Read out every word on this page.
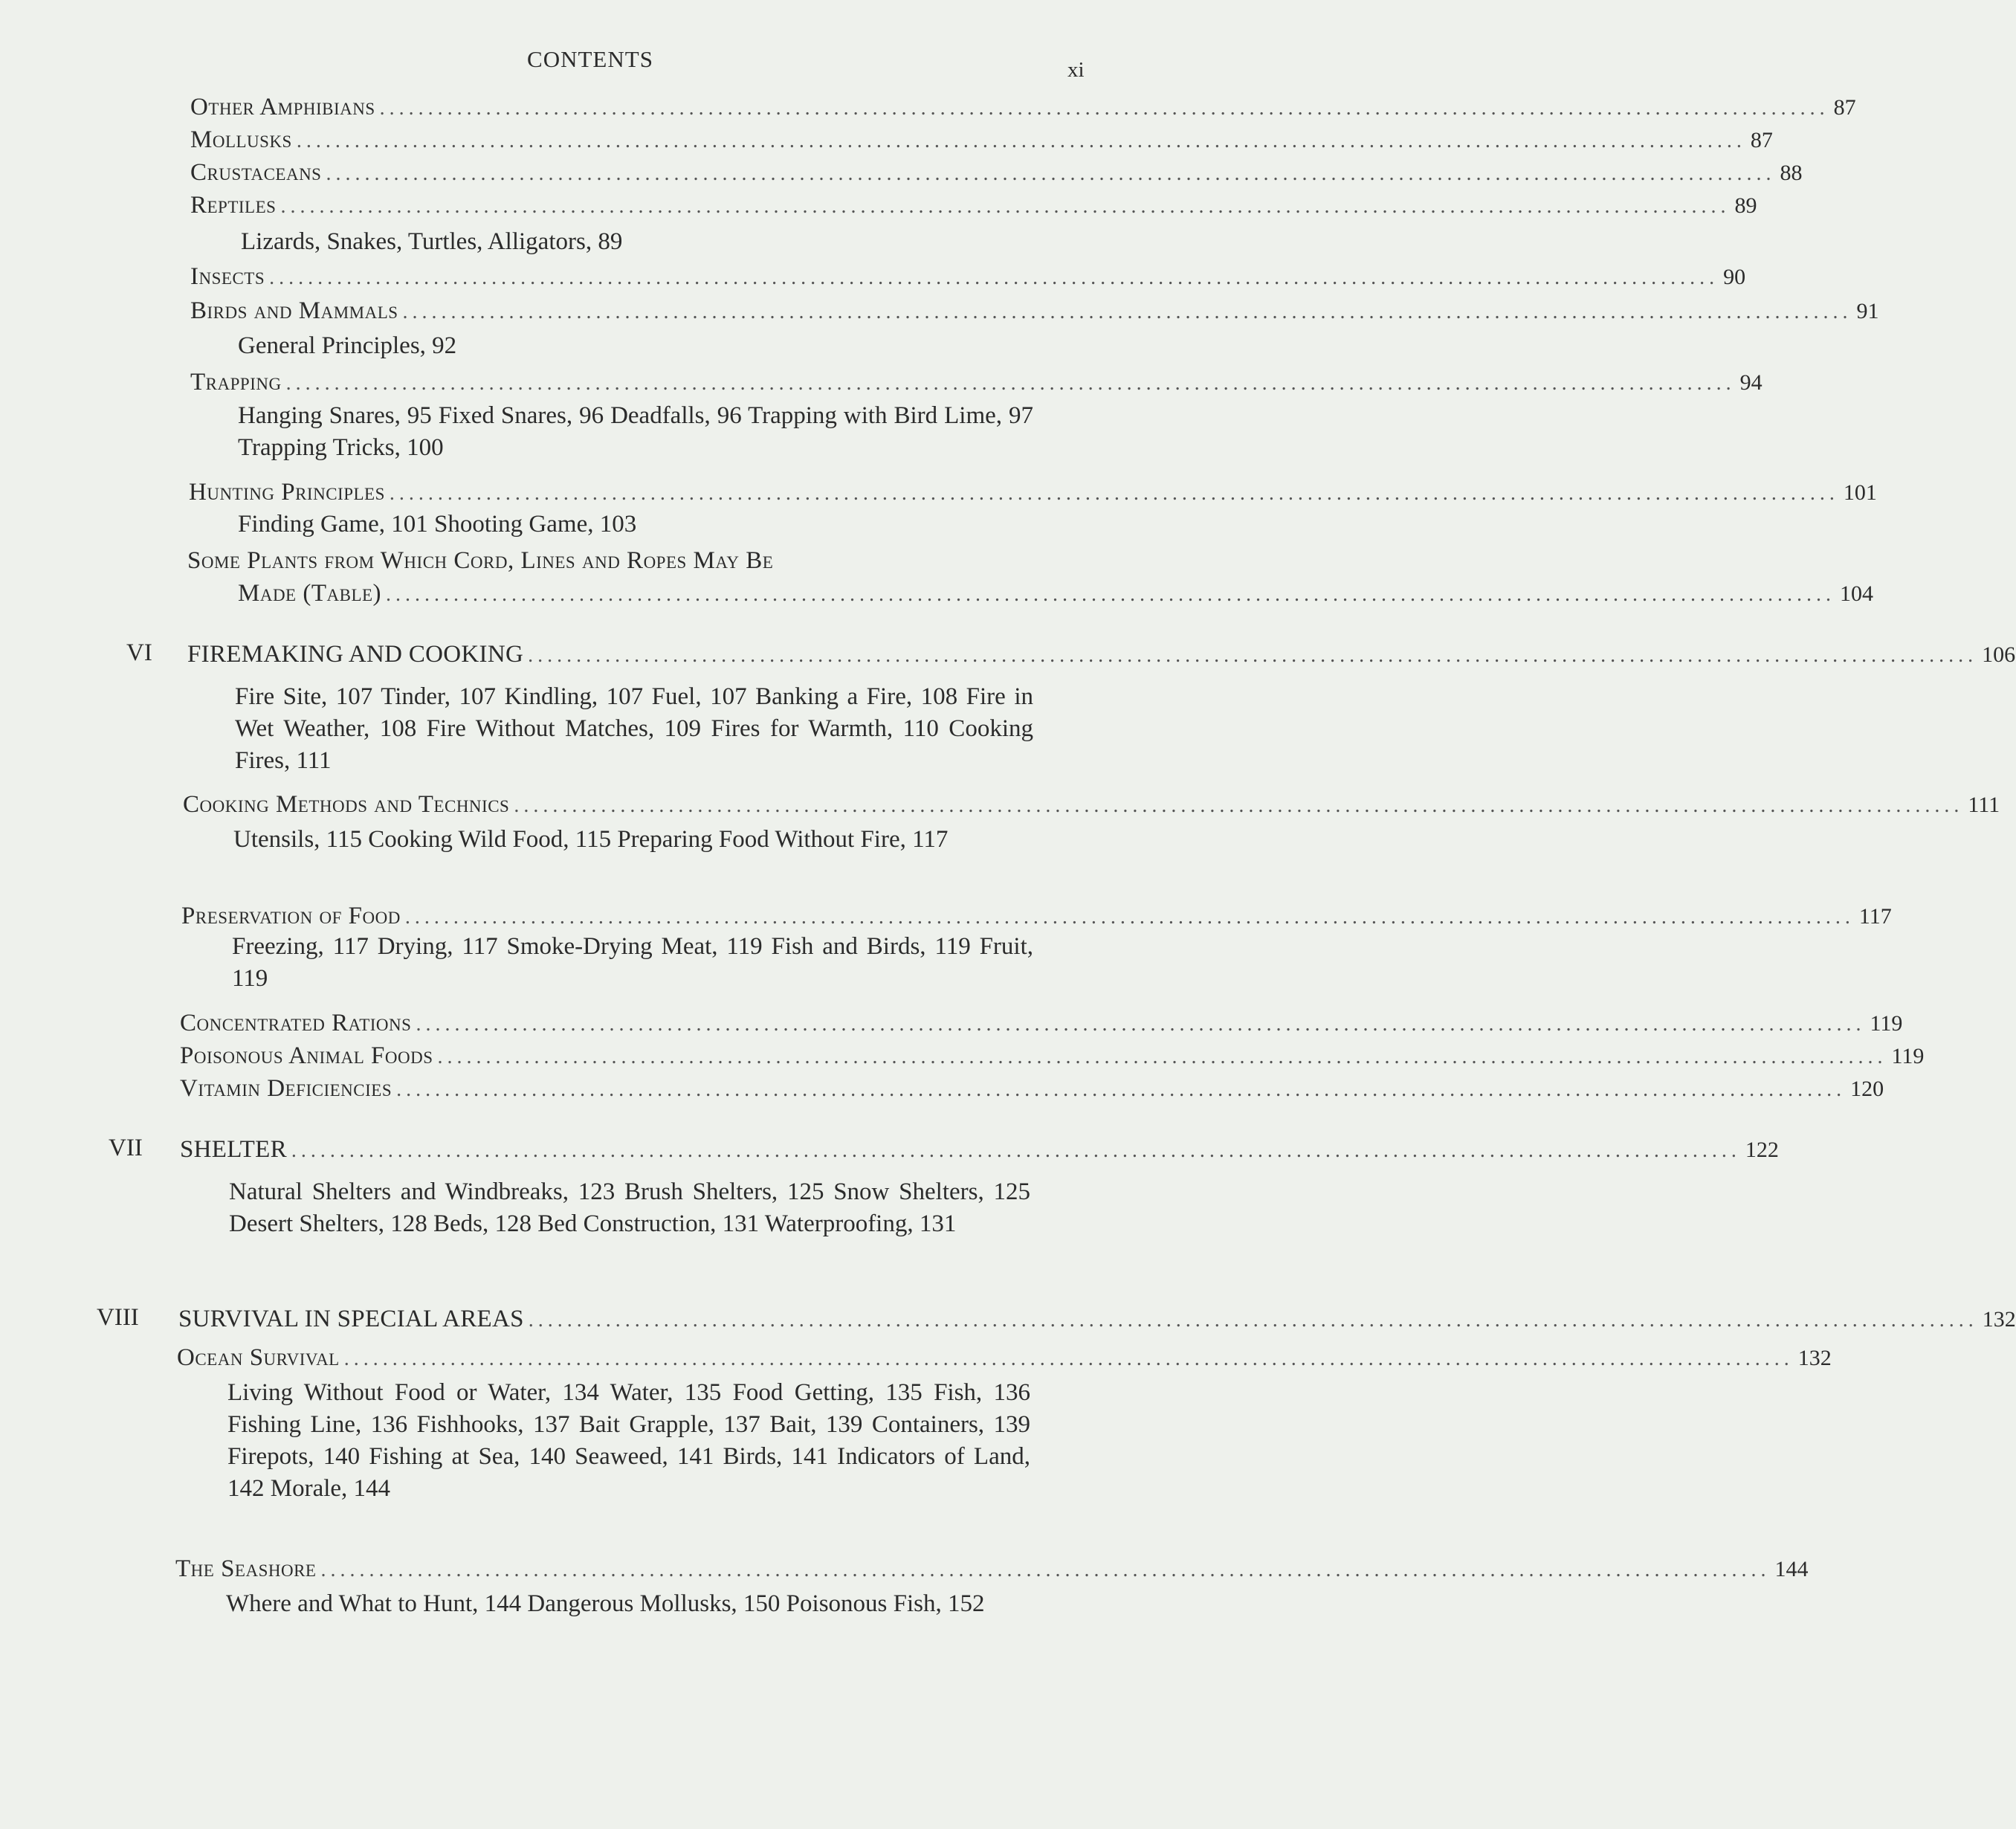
CONTENTS	xi
Other Amphibians ...................................................................................................................................................... 87
Mollusks ...................................................................................................................................................... 87
Crustaceans ...................................................................................................................................................... 88
Reptiles ...................................................................................................................................................... 89
Lizards, Snakes, Turtles, Alligators, 89
Insects ...................................................................................................................................................... 90
Birds and Mammals ...................................................................................................................................................... 91
General Principles, 92
Trapping ...................................................................................................................................................... 94
Hanging Snares, 95 Fixed Snares, 96 Deadfalls, 96 Trapping with Bird Lime, 97 Trapping Tricks, 100
Hunting Principles ...................................................................................................................................................... 101
Finding Game, 101 Shooting Game, 103
Some Plants from Which Cord, Lines and Ropes May Be
Made (Table) ...................................................................................................................................................... 104
VI FIREMAKING AND COOKING ...................................................................................................................................................... 106
Fire Site, 107 Tinder, 107 Kindling, 107 Fuel, 107 Banking a Fire, 108 Fire in Wet Weather, 108 Fire Without Matches, 109 Fires for Warmth, 110 Cooking Fires, 111
Cooking Methods and Technics ...................................................................................................................................................... 111
Utensils, 115 Cooking Wild Food, 115 Preparing Food Without Fire, 117
Preservation of Food ...................................................................................................................................................... 117
Freezing, 117 Drying, 117 Smoke-Drying Meat, 119 Fish and Birds, 119 Fruit, 119
Concentrated Rations ...................................................................................................................................................... 119
Poisonous Animal Foods ...................................................................................................................................................... 119
Vitamin Deficiencies ...................................................................................................................................................... 120
VII SHELTER ...................................................................................................................................................... 122
Natural Shelters and Windbreaks, 123 Brush Shelters, 125 Snow Shelters, 125 Desert Shelters, 128 Beds, 128 Bed Construction, 131 Waterproofing, 131
VIII SURVIVAL IN SPECIAL AREAS ...................................................................................................................................................... 132
Ocean Survival ...................................................................................................................................................... 132
Living Without Food or Water, 134 Water, 135 Food Getting, 135 Fish, 136 Fishing Line, 136 Fishhooks, 137 Bait Grapple, 137 Bait, 139 Containers, 139 Firepots, 140 Fishing at Sea, 140 Seaweed, 141 Birds, 141 Indicators of Land, 142 Morale, 144
The Seashore ...................................................................................................................................................... 144
Where and What to Hunt, 144 Dangerous Mollusks, 150 Poisonous Fish, 152
